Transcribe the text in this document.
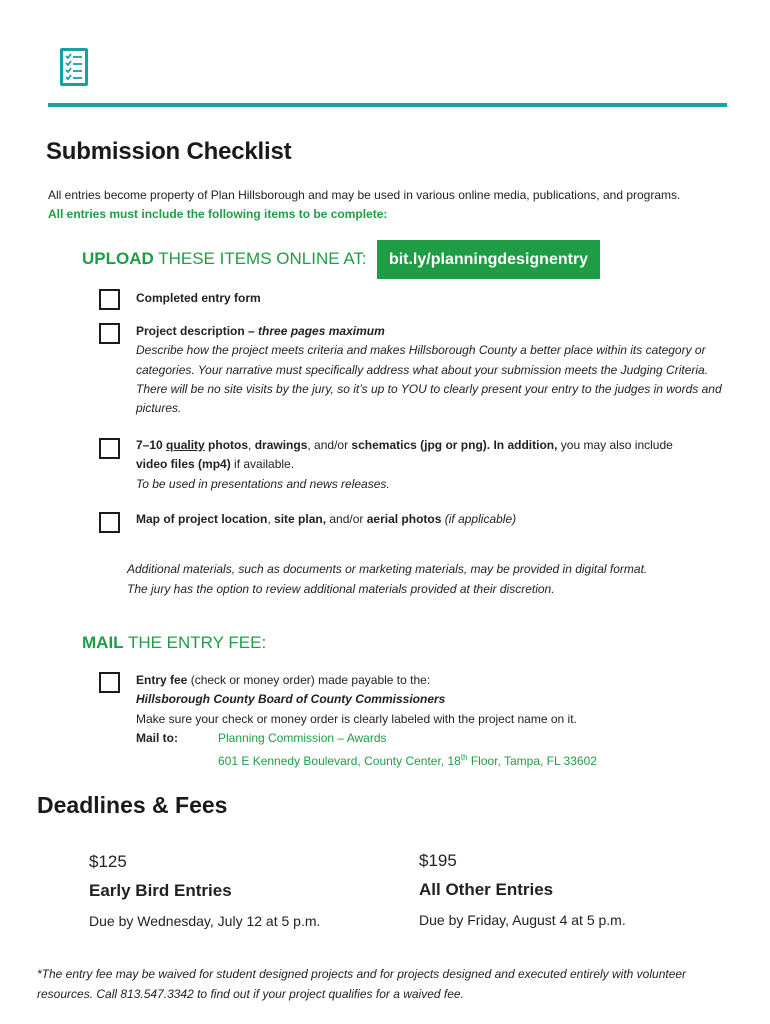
Submission Checklist
All entries become property of Plan Hillsborough and may be used in various online media, publications, and programs. All entries must include the following items to be complete:
UPLOAD THESE ITEMS ONLINE AT:	bit.ly/planningdesignentry
Completed entry form
Project description – three pages maximum
Describe how the project meets criteria and makes Hillsborough County a better place within its category or categories. Your narrative must specifically address what about your submission meets the Judging Criteria. There will be no site visits by the jury, so it’s up to YOU to clearly present your entry to the judges in words and pictures.
7–10 quality photos, drawings, and/or schematics (jpg or png). In addition, you may also include
video files (mp4) if available.
To be used in presentations and news releases.
Map of project location, site plan, and/or aerial photos (if applicable)
Additional materials, such as documents or marketing materials, may be provided in digital format.
The jury has the option to review additional materials provided at their discretion.
MAIL THE ENTRY FEE:
Entry fee (check or money order) made payable to the:
Hillsborough County Board of County Commissioners
Make sure your check or money order is clearly labeled with the project name on it.

Mail to:	Planning Commission – Awards
601 E Kennedy Boulevard, County Center, 18th Floor, Tampa, FL 33602
Deadlines & Fees
$125
Early Bird Entries
Due by Wednesday, July 12 at 5 p.m.
$195
All Other Entries
Due by Friday, August 4 at 5 p.m.
*The entry fee may be waived for student designed projects and for projects designed and executed entirely with volunteer resources. Call 813.547.3342 to find out if your project qualifies for a waived fee.
